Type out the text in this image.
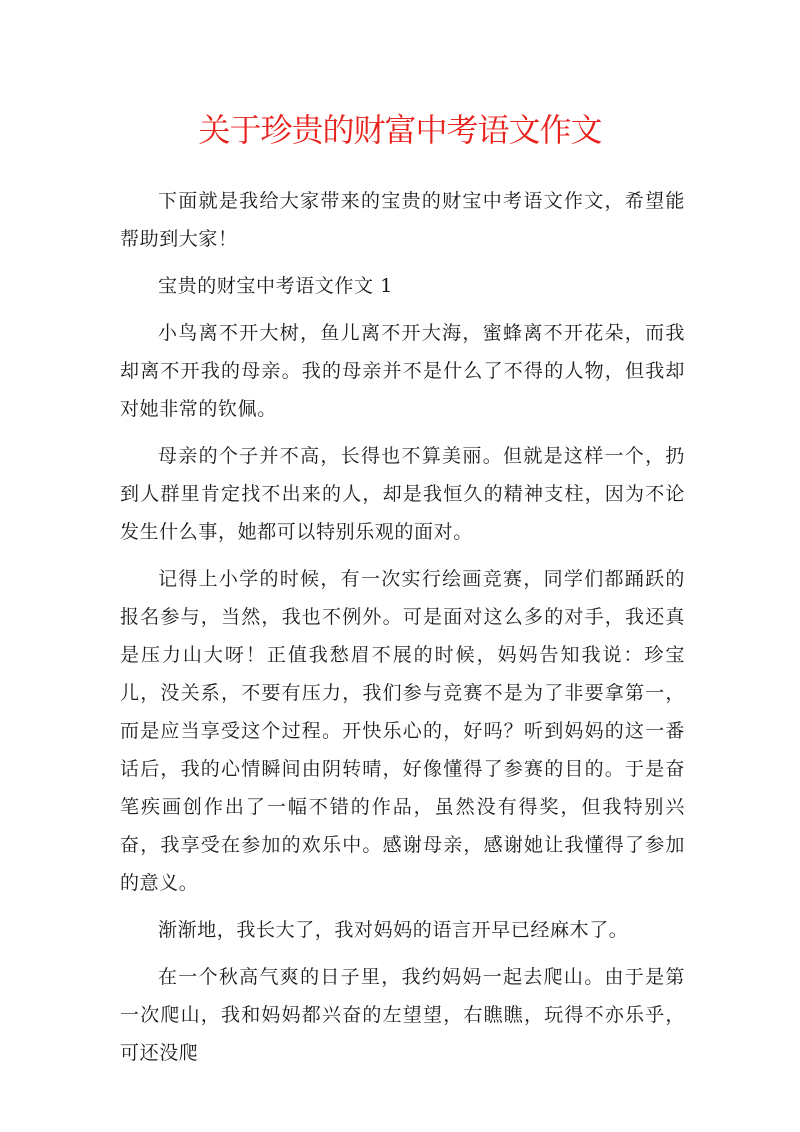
关于珍贵的财富中考语文作文

下面就是我给大家带来的宝贵的财宝中考语文作文，希望能帮助到大家！

宝贵的财宝中考语文作文 1

小鸟离不开大树，鱼儿离不开大海，蜜蜂离不开花朵，而我却离不开我的母亲。我的母亲并不是什么了不得的人物，但我却对她非常的钦佩。

母亲的个子并不高，长得也不算美丽。但就是这样一个，扔到人群里肯定找不出来的人，却是我恒久的精神支柱，因为不论发生什么事，她都可以特别乐观的面对。

记得上小学的时候，有一次实行绘画竞赛，同学们都踊跃的报名参与，当然，我也不例外。可是面对这么多的对手，我还真是压力山大呀！正值我愁眉不展的时候，妈妈告知我说：珍宝儿，没关系，不要有压力，我们参与竞赛不是为了非要拿第一，而是应当享受这个过程。开快乐心的，好吗？听到妈妈的这一番话后，我的心情瞬间由阴转晴，好像懂得了参赛的目的。于是奋笔疾画创作出了一幅不错的作品，虽然没有得奖，但我特别兴奋，我享受在参加的欢乐中。感谢母亲，感谢她让我懂得了参加的意义。

渐渐地，我长大了，我对妈妈的语言开早已经麻木了。

在一个秋高气爽的日子里，我约妈妈一起去爬山。由于是第一次爬山，我和妈妈都兴奋的左望望，右瞧瞧，玩得不亦乐乎，可还没爬
